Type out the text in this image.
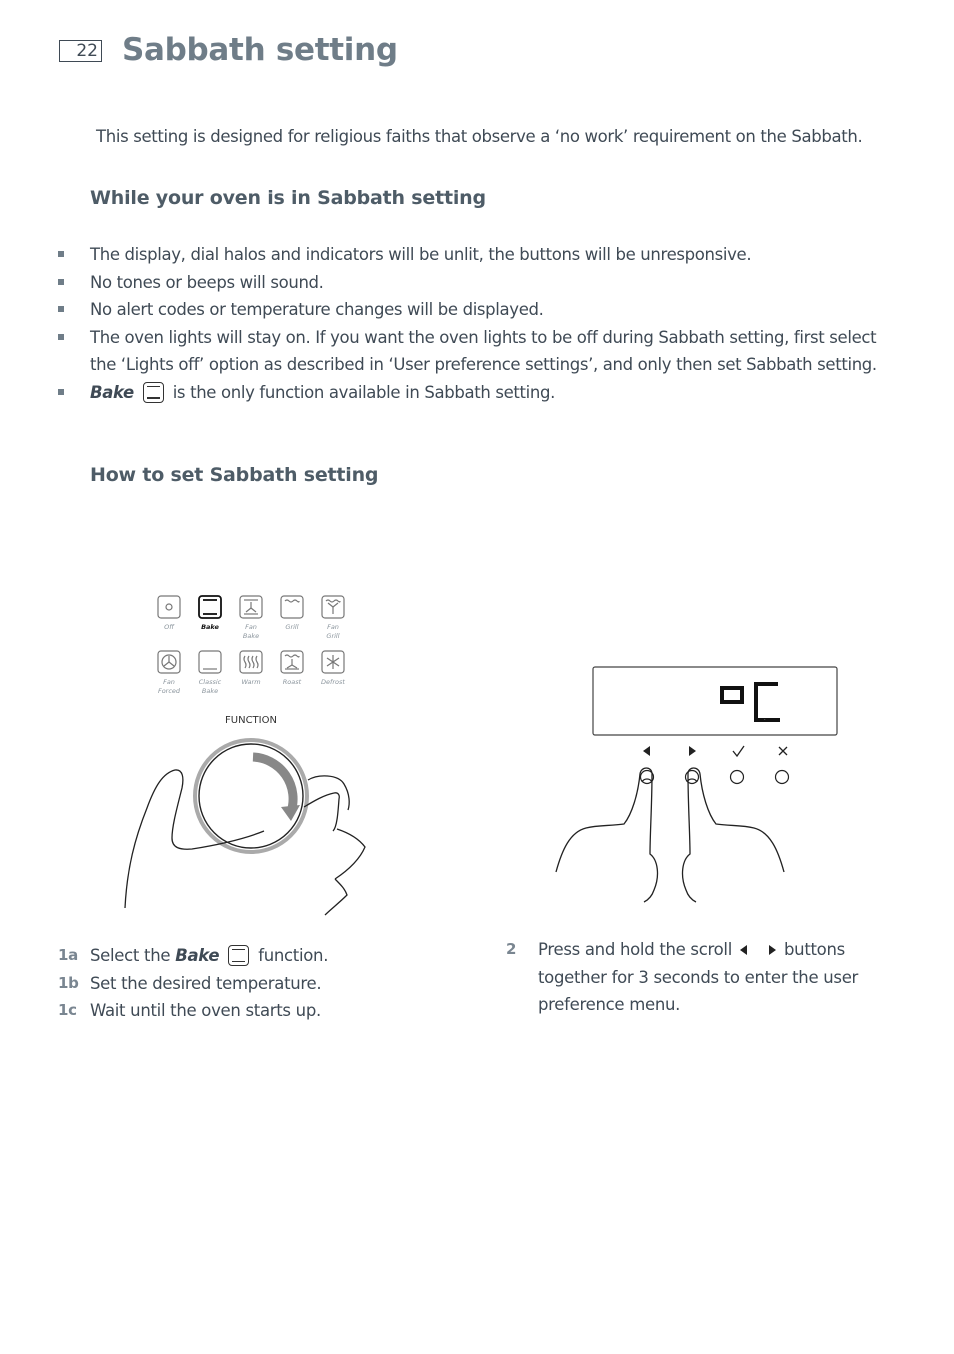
22 Sabbath setting

This setting is designed for religious faiths that observe a ‘no work’ requirement on the Sabbath.

While your oven is in Sabbath setting
The display, dial halos and indicators will be unlit, the buttons will be unresponsive.
No tones or beeps will sound.
No alert codes or temperature changes will be displayed.
The oven lights will stay on. If you want the oven lights to be off during Sabbath setting, first select the ‘Lights off’ option as described in ‘User preference settings’, and only then set Sabbath setting.
Bake is the only function available in Sabbath setting.
How to set Sabbath setting
Off	Bake	Fan Bake
Grill	Fan Grill
Fan Forced
Classic Bake
Warm	Roast	Defrost
FUNCTION	oC
1a Select the Bake function.
1b Set the desired temperature.
1c Wait until the oven starts up.
2 Press and hold the scroll	buttons
together for 3 seconds to enter the user
preference menu.
